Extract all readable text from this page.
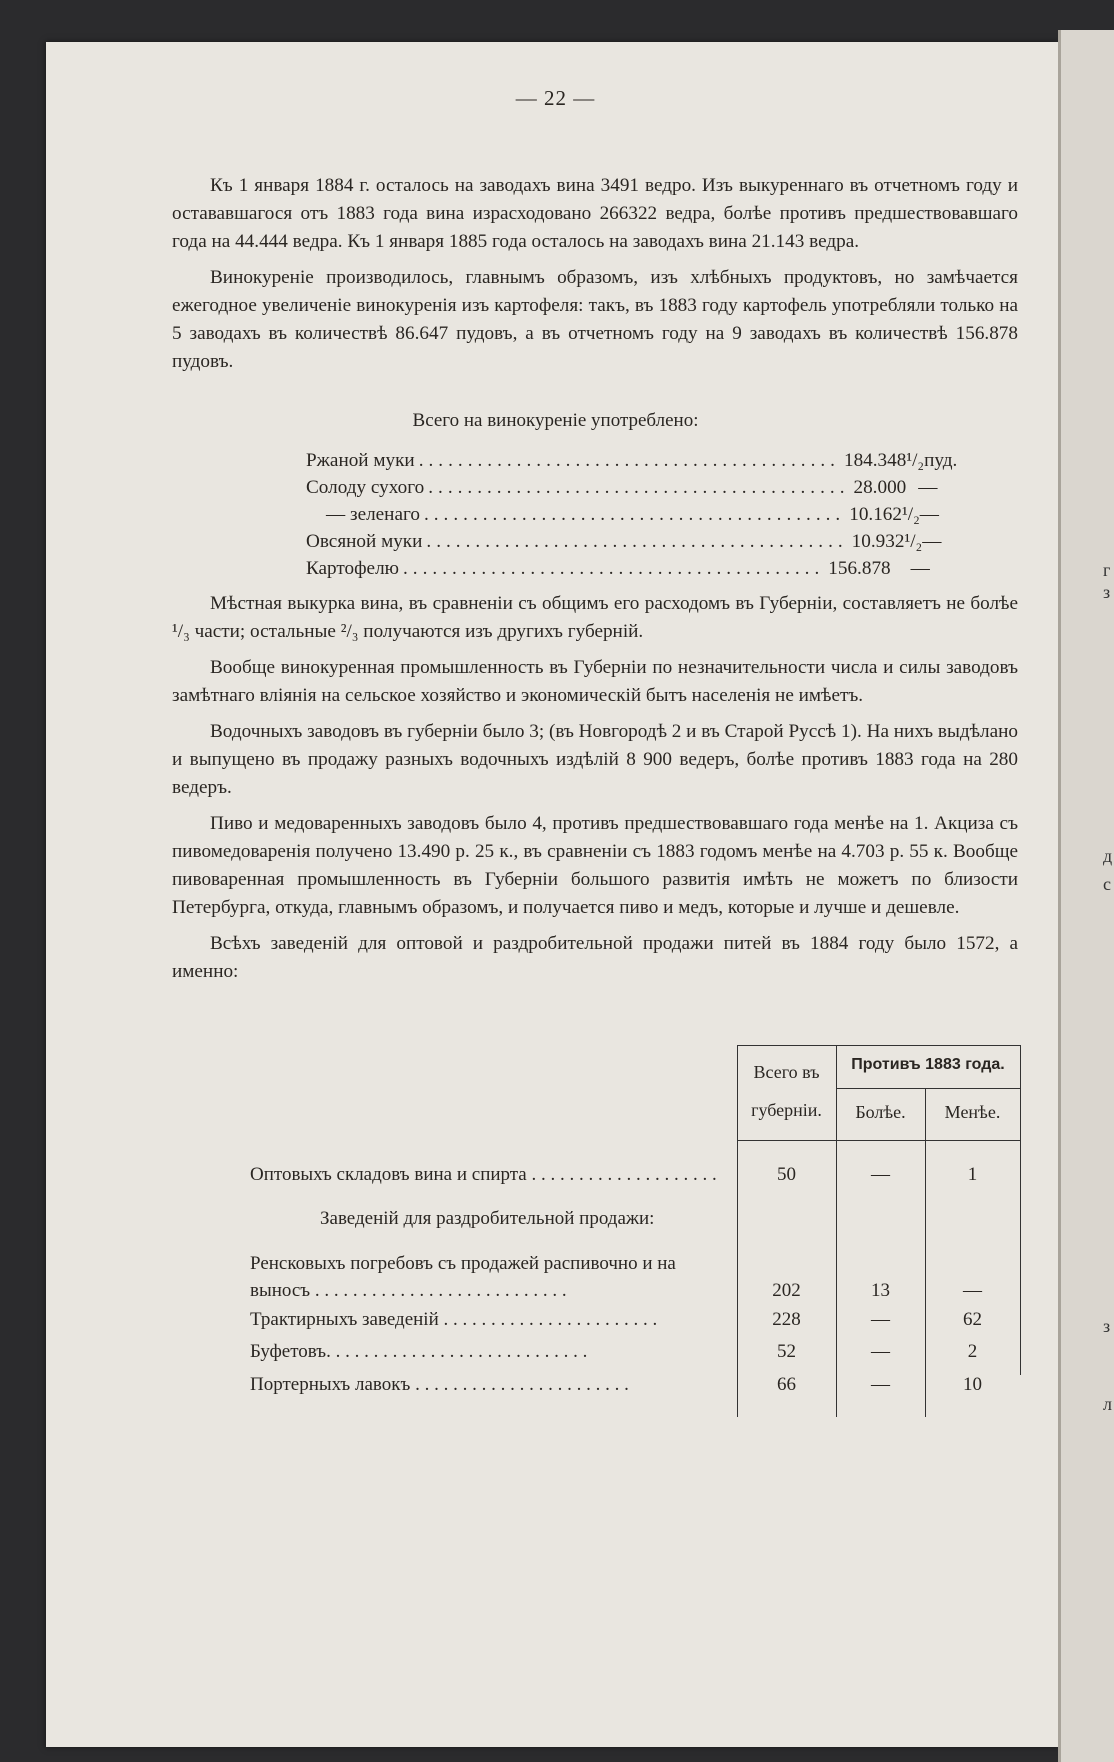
г
з
д
с
з
л
— 22 —

Къ 1 января 1884 г. осталось на заводахъ вина 3491 ведро. Изъ выкуреннаго въ отчетномъ году и остававшагося отъ 1883 года вина израсходовано 266322 ведра, болѣе противъ предшествовавшаго года на 44.444 ведра. Къ 1 января 1885 года осталось на заводахъ вина 21.143 ведра.

Винокуреніе производилось, главнымъ образомъ, изъ хлѣбныхъ продуктовъ, но замѣчается ежегодное увеличеніе винокуренія изъ картофеля: такъ, въ 1883 году картофель употребляли только на 5 заводахъ въ количествѣ 86.647 пудовъ, а въ отчетномъ году на 9 заводахъ въ количествѣ 156.878 пудовъ.

Всего на винокуреніе употреблено:
Ржаной муки ........................................... 184.348¹/₂ пуд.
Солоду сухого ........................................... 28.000 —
— зеленаго ........................................... 10.162¹/₂ —
Овсяной муки ........................................... 10.932¹/₂ —
Картофелю ........................................... 156.878	—

Мѣстная выкурка вина, въ сравненіи съ общимъ его расходомъ въ Губерніи, составляетъ не болѣе ¹/₃ части; остальные ²/₃ получаются изъ другихъ губерній.

Вообще винокуренная промышленность въ Губерніи по незначительности числа и силы заводовъ замѣтнаго вліянія на сельское хозяйство и экономическій бытъ населенія не имѣетъ.

Водочныхъ заводовъ въ губерніи было 3; (въ Новгородѣ 2 и въ Старой Руссѣ 1). На нихъ выдѣлано и выпущено въ продажу разныхъ водочныхъ издѣлій 8 900 ведеръ, болѣе противъ 1883 года на 280 ведеръ.

Пиво и медоваренныхъ заводовъ было 4, противъ предшествовавшаго года менѣе на 1. Акциза съ пивомедоваренія получено 13.490 р. 25 к., въ сравненіи съ 1883 годомъ менѣе на 4.703 р. 55 к. Вообще пивоваренная промышленность въ Губерніи большого развитія имѣть не можетъ по близости Петербурга, откуда, главнымъ образомъ, и получается пиво и медъ, которые и лучше и дешевле.

Всѣхъ заведеній для оптовой и раздробительной продажи питей въ 1884 году было 1572, а именно:

Всего въ
губерніи.
Противъ 1883 года.
Болѣе.	Менѣе.
Оптовыхъ складовъ вина и спирта . . . . . . . . . . . . . . . . . . . .	50	—	1
Заведеній для раздробительной продажи:
Ренсковыхъ погребовъ съ продажей распивочно и на
выносъ . . . . . . . . . . . . . . . . . . . . . . . . . . .	202	13	—
Трактирныхъ заведеній . . . . . . . . . . . . . . . . . . . . . . .	228	—	62
Буфетовъ. . . . . . . . . . . . . . . . . . . . . . . . . . . .	52	—	2
Портерныхъ лавокъ . . . . . . . . . . . . . . . . . . . . . . .	66	—	10
